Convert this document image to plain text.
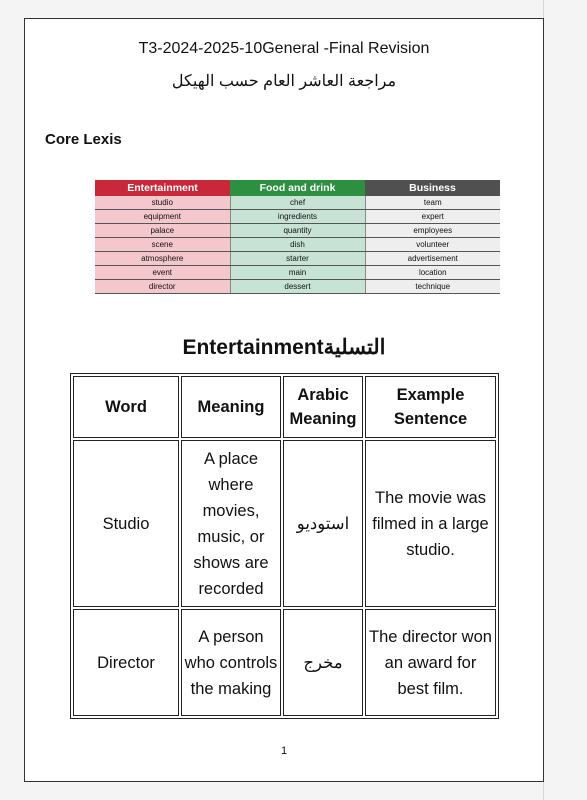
T3-2024-2025-10General -Final Revision
مراجعة العاشر العام حسب الهيكل
Core Lexis
Entertainment	Food and drink	Business
studio	chef	team
equipment	ingredients	expert
palace	quantity	employees
scene	dish	volunteer
atmosphere	starter	advertisement
event	main	location
director	dessert	technique
Entertainmentالتسلية
Word	Meaning	Arabic Meaning	Example Sentence
Studio	A place where movies, music, or shows are recorded	استوديو	The movie was filmed in a large studio.
Director	A person who controls the making	مخرج	The director won an award for best film.
1
